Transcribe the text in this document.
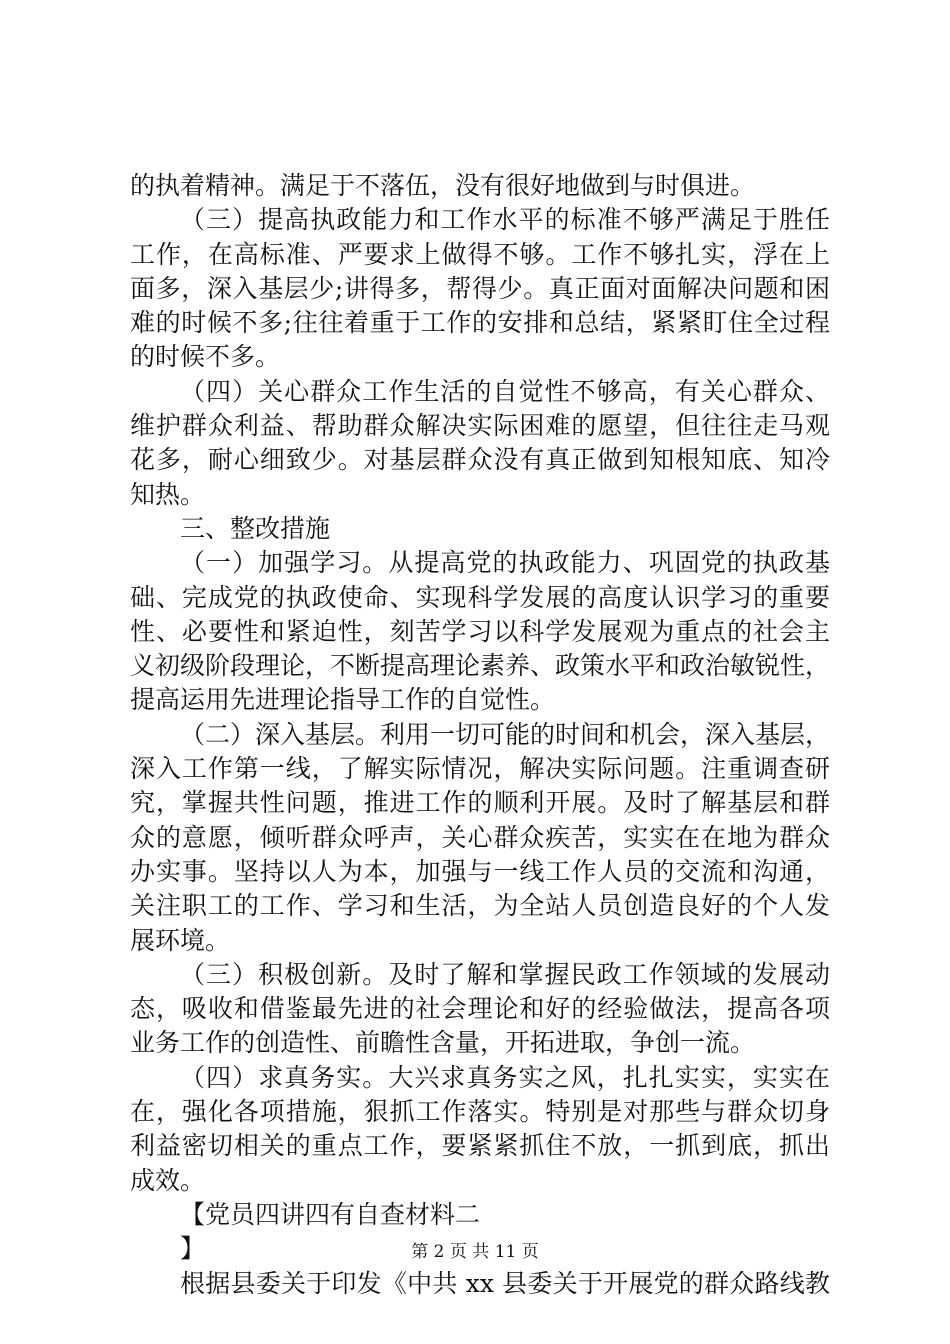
的执着精神。满足于不落伍，没有很好地做到与时俱进。
（三）提高执政能力和工作水平的标准不够严满足于胜任
工作，在高标准、严要求上做得不够。工作不够扎实，浮在上
面多，深入基层少;讲得多，帮得少。真正面对面解决问题和困
难的时候不多;往往着重于工作的安排和总结，紧紧盯住全过程
的时候不多。
（四）关心群众工作生活的自觉性不够高，有关心群众、
维护群众利益、帮助群众解决实际困难的愿望，但往往走马观
花多，耐心细致少。对基层群众没有真正做到知根知底、知冷
知热。
三、整改措施
（一）加强学习。从提高党的执政能力、巩固党的执政基
础、完成党的执政使命、实现科学发展的高度认识学习的重要
性、必要性和紧迫性，刻苦学习以科学发展观为重点的社会主
义初级阶段理论，不断提高理论素养、政策水平和政治敏锐性，
提高运用先进理论指导工作的自觉性。
（二）深入基层。利用一切可能的时间和机会，深入基层，
深入工作第一线，了解实际情况，解决实际问题。注重调查研
究，掌握共性问题，推进工作的顺利开展。及时了解基层和群
众的意愿，倾听群众呼声，关心群众疾苦，实实在在地为群众
办实事。坚持以人为本，加强与一线工作人员的交流和沟通，
关注职工的工作、学习和生活，为全站人员创造良好的个人发
展环境。
（三）积极创新。及时了解和掌握民政工作领域的发展动
态，吸收和借鉴最先进的社会理论和好的经验做法，提高各项
业务工作的创造性、前瞻性含量，开拓进取，争创一流。
（四）求真务实。大兴求真务实之风，扎扎实实，实实在
在，强化各项措施，狠抓工作落实。特别是对那些与群众切身
利益密切相关的重点工作，要紧紧抓住不放，一抓到底，抓出
成效。
【党员四讲四有自查材料二
】
根据县委关于印发《中共 xx 县委关于开展党的群众路线教
第 2 页 共 11 页
